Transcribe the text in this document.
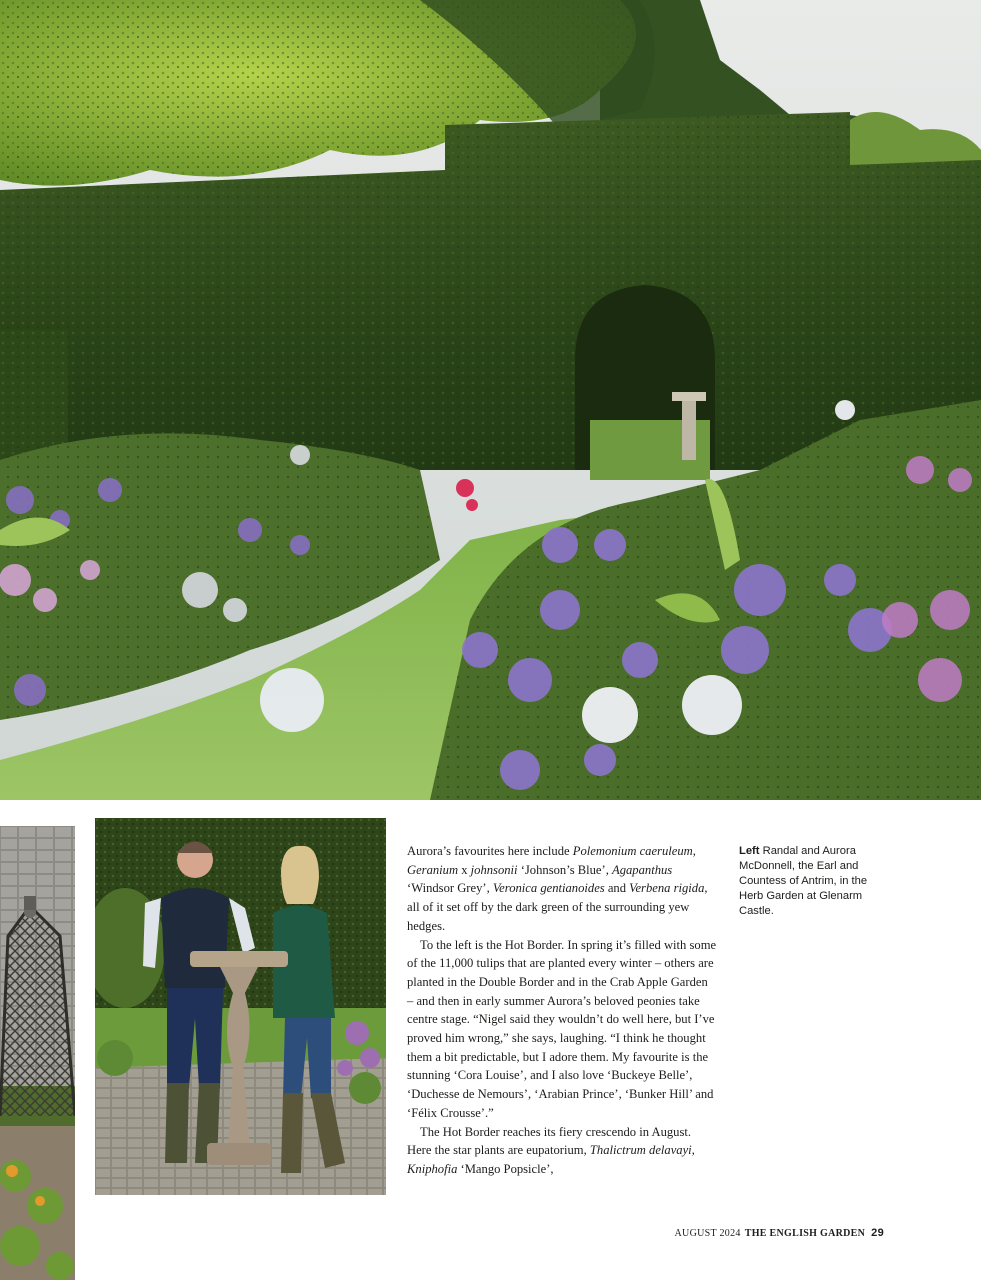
Aurora’s favourites here include Polemonium caeruleum, Geranium x johnsonii ‘Johnson’s Blue’, Agapanthus ‘Windsor Grey’, Veronica gentianoides and Verbena rigida, all of it set off by the dark green of the surrounding yew hedges.
To the left is the Hot Border. In spring it’s filled with some of the 11,000 tulips that are planted every winter – others are planted in the Double Border and in the Crab Apple Garden – and then in early summer Aurora’s beloved peonies take centre stage. “Nigel said they wouldn’t do well here, but I’ve proved him wrong,” she says, laughing. “I think he thought them a bit predictable, but I adore them. My favourite is the stunning ‘Cora Louise’, and I also love ‘Buckeye Belle’, ‘Duchesse de Nemours’, ‘Arabian Prince’, ‘Bunker Hill’ and ‘Félix Crousse’.”
The Hot Border reaches its fiery crescendo in August. Here the star plants are eupatorium, Thalictrum delavayi, Kniphofia ‘Mango Popsicle’,
Left Randal and Aurora McDonnell, the Earl and Countess of Antrim, in the Herb Garden at Glenarm Castle.
AUGUST 2024 THE ENGLISH GARDEN 29
